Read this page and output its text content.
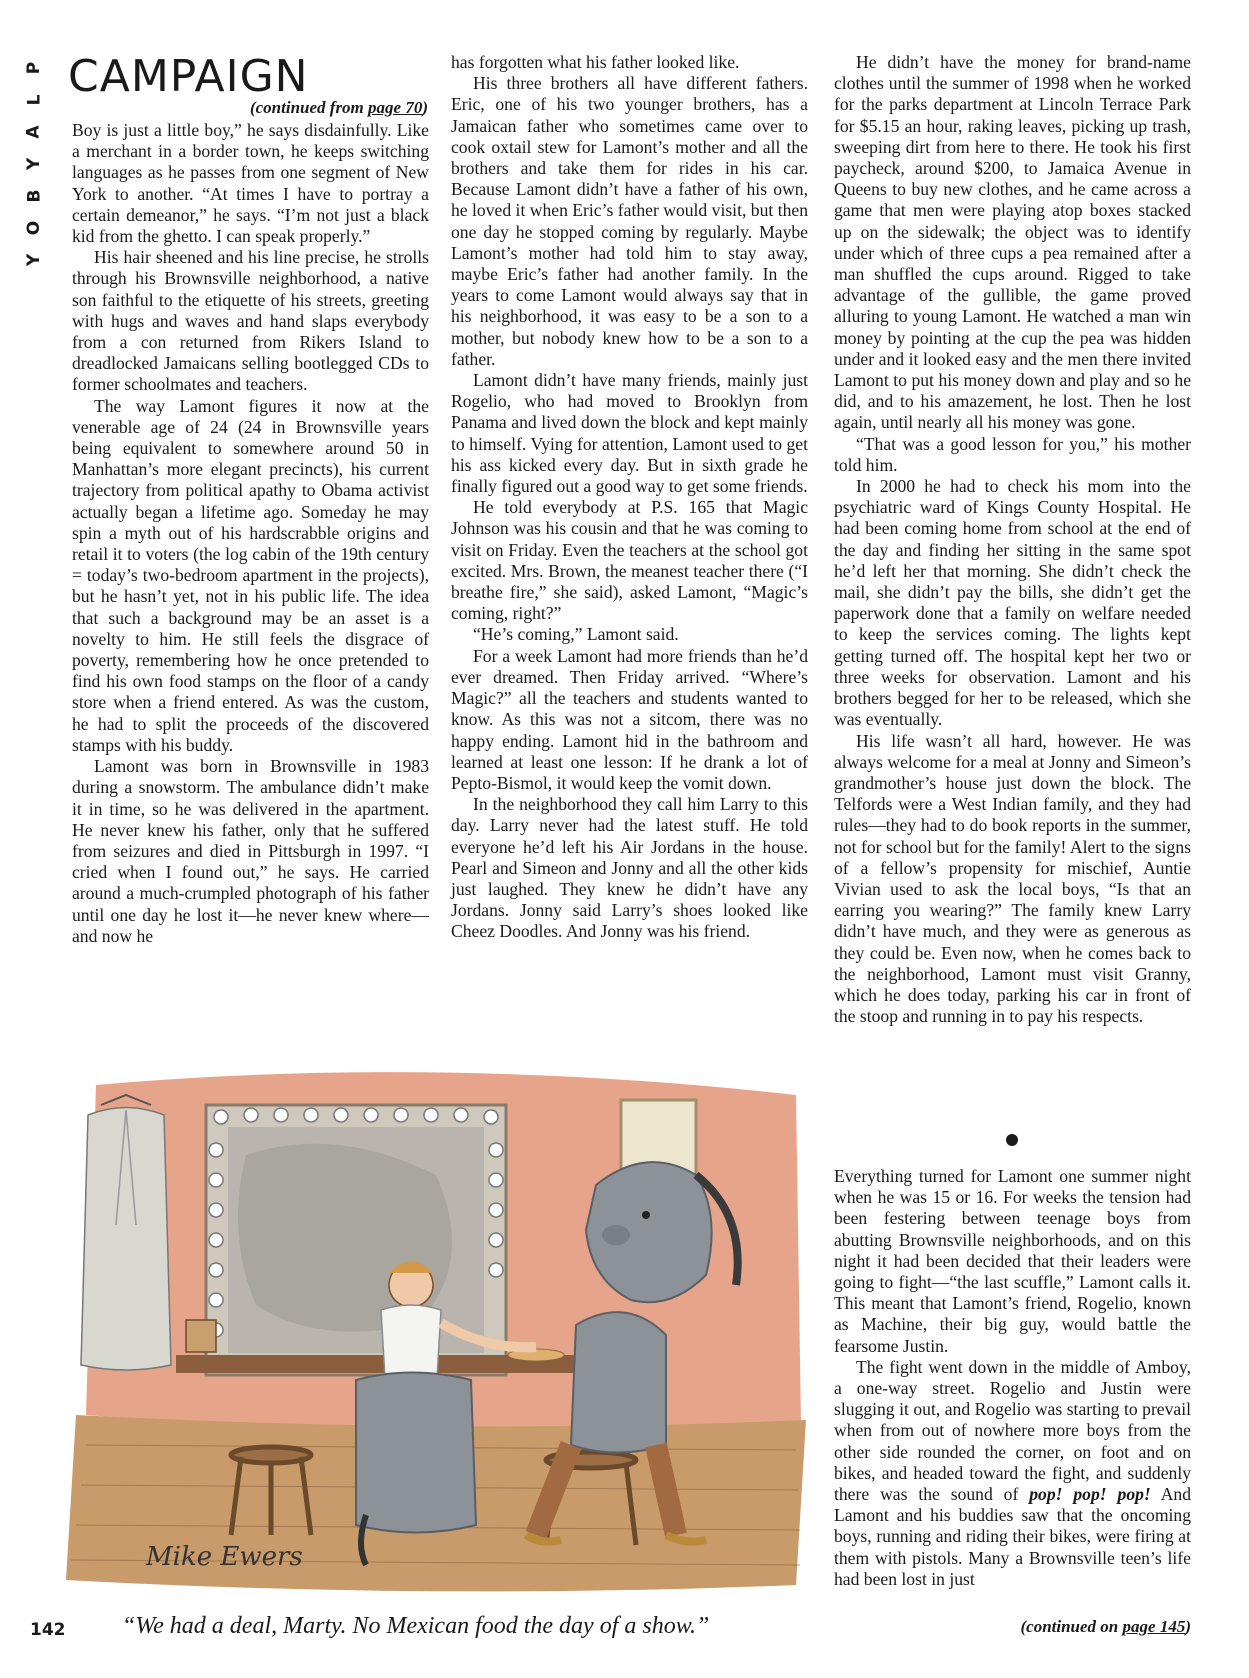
P
L
A
Y
B
O
Y
CAMPAIGN
(continued from page 70)

Boy is just a little boy,” he says disdainfully. Like a merchant in a border town, he keeps switching languages as he passes from one segment of New York to another. “At times I have to portray a certain demeanor,” he says. “I’m not just a black kid from the ghetto. I can speak properly.”

His hair sheened and his line precise, he strolls through his Brownsville neighborhood, a native son faithful to the etiquette of his streets, greeting with hugs and waves and hand slaps everybody from a con returned from Rikers Island to dreadlocked Jamaicans selling bootlegged CDs to former schoolmates and teachers.

The way Lamont figures it now at the venerable age of 24 (24 in Brownsville years being equivalent to somewhere around 50 in Manhattan’s more elegant precincts), his current trajectory from political apathy to Obama activist actually began a lifetime ago. Someday he may spin a myth out of his hardscrabble origins and retail it to voters (the log cabin of the 19th century = today’s two-bedroom apartment in the projects), but he hasn’t yet, not in his public life. The idea that such a background may be an asset is a novelty to him. He still feels the disgrace of poverty, remembering how he once pretended to find his own food stamps on the floor of a candy store when a friend entered. As was the custom, he had to split the proceeds of the discovered stamps with his buddy.

Lamont was born in Brownsville in 1983 during a snowstorm. The ambulance didn’t make it in time, so he was delivered in the apartment. He never knew his father, only that he suffered from seizures and died in Pittsburgh in 1997. “I cried when I found out,” he says. He carried around a much-crumpled photograph of his father until one day he lost it—he never knew where—and now he

has forgotten what his father looked like.

His three brothers all have different fathers. Eric, one of his two younger brothers, has a Jamaican father who sometimes came over to cook oxtail stew for Lamont’s mother and all the brothers and take them for rides in his car. Because Lamont didn’t have a father of his own, he loved it when Eric’s father would visit, but then one day he stopped coming by regularly. Maybe Lamont’s mother had told him to stay away, maybe Eric’s father had another family. In the years to come Lamont would always say that in his neighborhood, it was easy to be a son to a mother, but nobody knew how to be a son to a father.

Lamont didn’t have many friends, mainly just Rogelio, who had moved to Brooklyn from Panama and lived down the block and kept mainly to himself. Vying for attention, Lamont used to get his ass kicked every day. But in sixth grade he finally figured out a good way to get some friends.

He told everybody at P.S. 165 that Magic Johnson was his cousin and that he was coming to visit on Friday. Even the teachers at the school got excited. Mrs. Brown, the meanest teacher there (“I breathe fire,” she said), asked Lamont, “Magic’s coming, right?”

“He’s coming,” Lamont said.

For a week Lamont had more friends than he’d ever dreamed. Then Friday arrived. “Where’s Magic?” all the teachers and students wanted to know. As this was not a sitcom, there was no happy ending. Lamont hid in the bathroom and learned at least one lesson: If he drank a lot of Pepto-Bismol, it would keep the vomit down.

In the neighborhood they call him Larry to this day. Larry never had the latest stuff. He told everyone he’d left his Air Jordans in the house. Pearl and Simeon and Jonny and all the other kids just laughed. They knew he didn’t have any Jordans. Jonny said Larry’s shoes looked like Cheez Doodles. And Jonny was his friend.

He didn’t have the money for brand-name clothes until the summer of 1998 when he worked for the parks department at Lincoln Terrace Park for $5.15 an hour, raking leaves, picking up trash, sweeping dirt from here to there. He took his first paycheck, around $200, to Jamaica Avenue in Queens to buy new clothes, and he came across a game that men were playing atop boxes stacked up on the sidewalk; the object was to identify under which of three cups a pea remained after a man shuffled the cups around. Rigged to take advantage of the gullible, the game proved alluring to young Lamont. He watched a man win money by pointing at the cup the pea was hidden under and it looked easy and the men there invited Lamont to put his money down and play and so he did, and to his amazement, he lost. Then he lost again, until nearly all his money was gone.

“That was a good lesson for you,” his mother told him.

In 2000 he had to check his mom into the psychiatric ward of Kings County Hospital. He had been coming home from school at the end of the day and finding her sitting in the same spot he’d left her that morning. She didn’t check the mail, she didn’t pay the bills, she didn’t get the paperwork done that a family on welfare needed to keep the services coming. The lights kept getting turned off. The hospital kept her two or three weeks for observation. Lamont and his brothers begged for her to be released, which she was eventually.

His life wasn’t all hard, however. He was always welcome for a meal at Jonny and Simeon’s grandmother’s house just down the block. The Telfords were a West Indian family, and they had rules—they had to do book reports in the summer, not for school but for the family! Alert to the signs of a fellow’s propensity for mischief, Auntie Vivian used to ask the local boys, “Is that an earring you wearing?” The family knew Larry didn’t have much, and they were as generous as they could be. Even now, when he comes back to the neighborhood, Lamont must visit Granny, which he does today, parking his car in front of the stoop and running in to pay his respects.

Everything turned for Lamont one summer night when he was 15 or 16. For weeks the tension had been festering between teenage boys from abutting Brownsville neighborhoods, and on this night it had been decided that their leaders were going to fight—“the last scuffle,” Lamont calls it. This meant that Lamont’s friend, Rogelio, known as Machine, their big guy, would battle the fearsome Justin.

The fight went down in the middle of Amboy, a one-way street. Rogelio and Justin were slugging it out, and Rogelio was starting to prevail when from out of nowhere more boys from the other side rounded the corner, on foot and on bikes, and headed toward the fight, and suddenly there was the sound of pop! pop! pop! And Lamont and his buddies saw that the oncoming boys, running and riding their bikes, were firing at them with pistols. Many a Brownsville teen’s life had been lost in just

(continued on page 145)
Mike Ewers
142 “We had a deal, Marty. No Mexican food the day of a show.”
